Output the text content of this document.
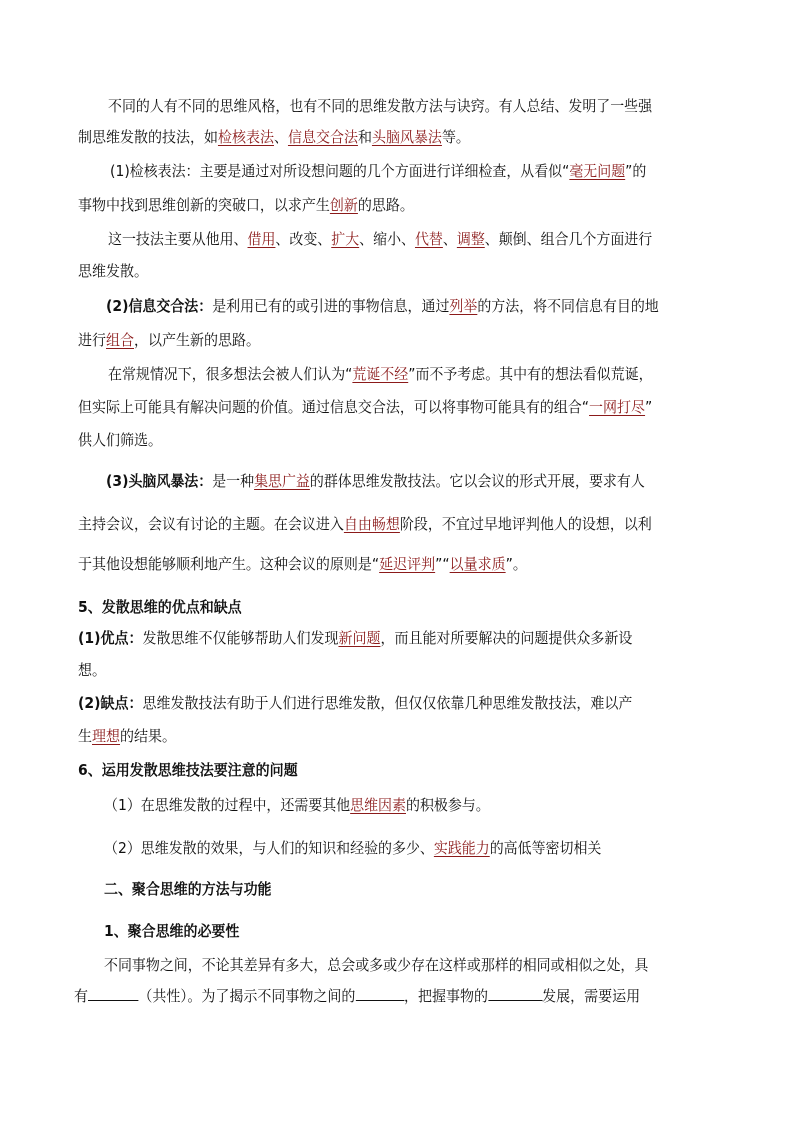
不同的人有不同的思维风格，也有不同的思维发散方法与诀窍。有人总结、发明了一些强
制思维发散的技法，如检核表法、信息交合法和头脑风暴法等。
(1)检核表法：主要是通过对所设想问题的几个方面进行详细检查，从看似“毫无问题”的
事物中找到思维创新的突破口，以求产生创新的思路。
这一技法主要从他用、借用、改变、扩大、缩小、代替、调整、颠倒、组合几个方面进行
思维发散。
(2)信息交合法：是利用已有的或引进的事物信息，通过列举的方法，将不同信息有目的地
进行组合，以产生新的思路。
在常规情况下，很多想法会被人们认为“荒诞不经”而不予考虑。其中有的想法看似荒诞，
但实际上可能具有解决问题的价值。通过信息交合法，可以将事物可能具有的组合“一网打尽”
供人们筛选。
(3)头脑风暴法：是一种集思广益的群体思维发散技法。它以会议的形式开展，要求有人
主持会议，会议有讨论的主题。在会议进入自由畅想阶段，不宜过早地评判他人的设想，以利
于其他设想能够顺利地产生。这种会议的原则是“延迟评判”“以量求质”。
5、发散思维的优点和缺点
(1)优点：发散思维不仅能够帮助人们发现新问题，而且能对所要解决的问题提供众多新设
想。
(2)缺点：思维发散技法有助于人们进行思维发散，但仅仅依靠几种思维发散技法，难以产
生理想的结果。
6、运用发散思维技法要注意的问题
（1）在思维发散的过程中，还需要其他思维因素的积极参与。
（2）思维发散的效果，与人们的知识和经验的多少、实践能力的高低等密切相关
二、聚合思维的方法与功能
1、聚合思维的必要性
不同事物之间，不论其差异有多大，总会或多或少存在这样或那样的相同或相似之处，具
有	（共性）。为了揭示不同事物之间的	，把握事物的	发展，需要运用
